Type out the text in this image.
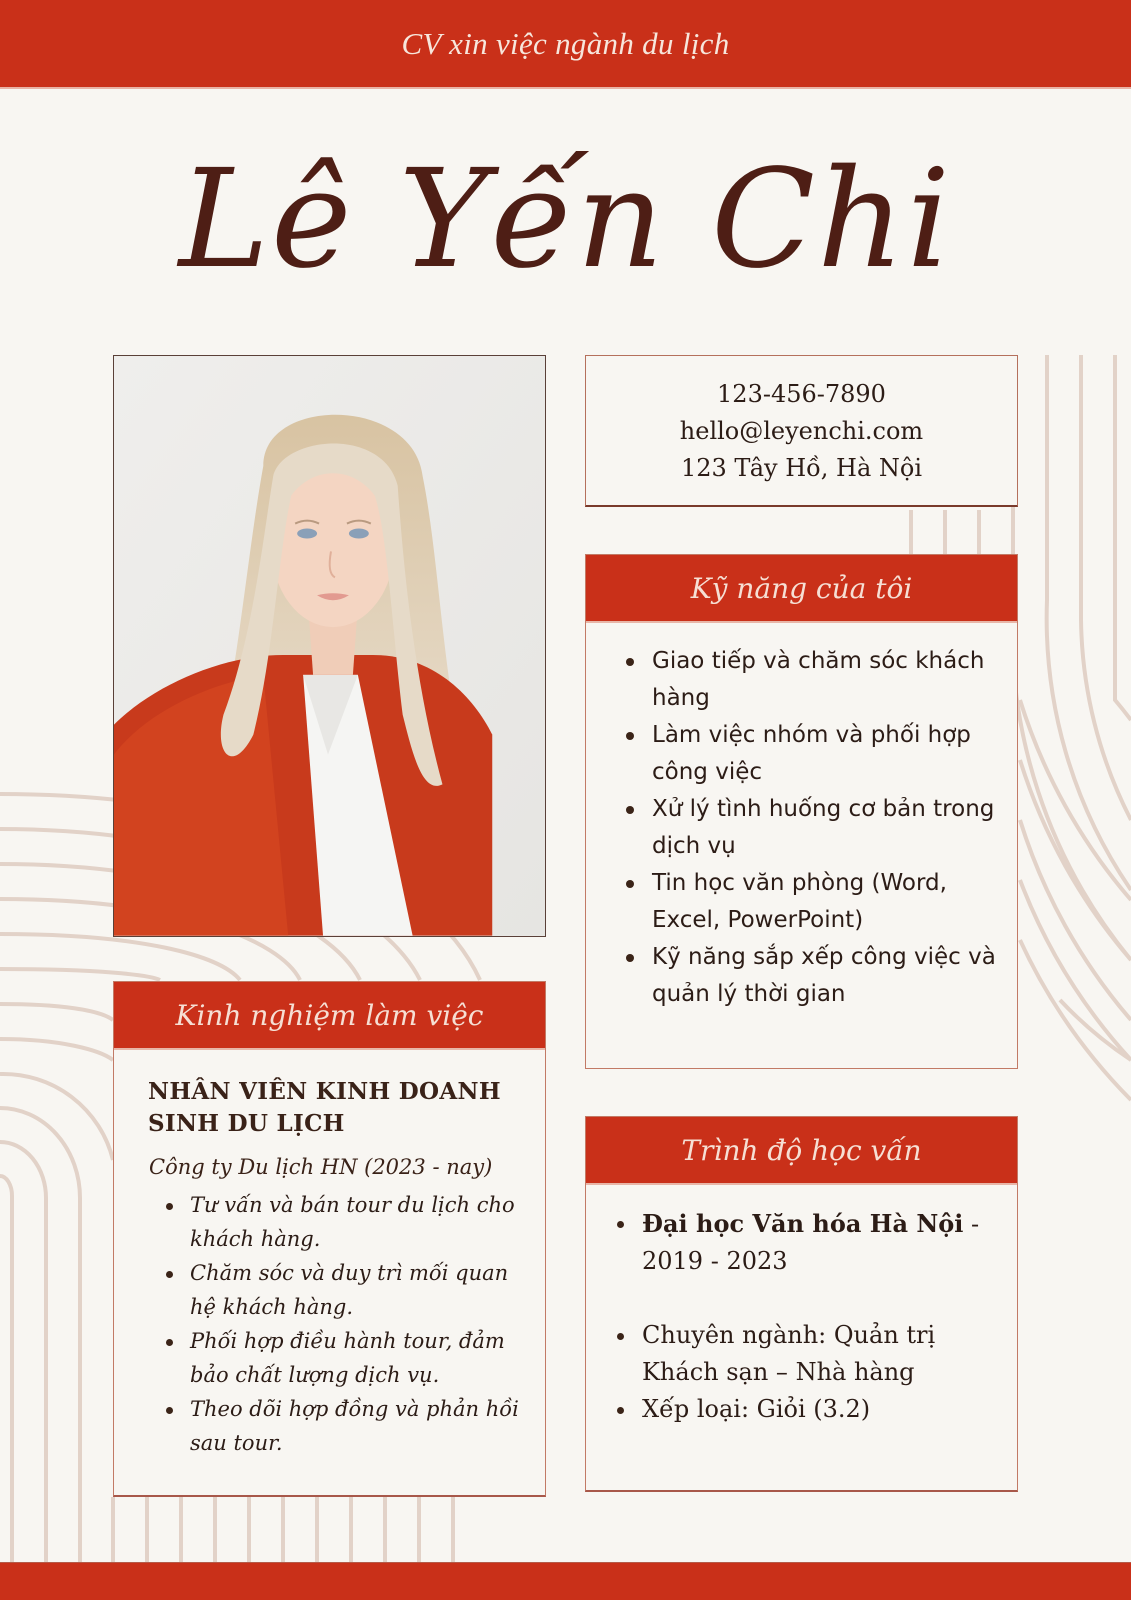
CV xin việc ngành du lịch
Lê Yến Chi
123-456-7890
hello@leyenchi.com
123 Tây Hồ, Hà Nội
Kỹ năng của tôi
Giao tiếp và chăm sóc khách hàng
Làm việc nhóm và phối hợp công việc
Xử lý tình huống cơ bản trong dịch vụ
Tin học văn phòng (Word, Excel, PowerPoint)
Kỹ năng sắp xếp công việc và quản lý thời gian
Kinh nghiệm làm việc
NHÂN VIÊN KINH DOANH SINH DU LỊCH
Công ty Du lịch HN (2023 - nay)
Tư vấn và bán tour du lịch cho khách hàng.
Chăm sóc và duy trì mối quan hệ khách hàng.
Phối hợp điều hành tour, đảm bảo chất lượng dịch vụ.
Theo dõi hợp đồng và phản hồi sau tour.
Trình độ học vấn
Đại học Văn hóa Hà Nội - 2019 - 2023
Chuyên ngành: Quản trị Khách sạn – Nhà hàng
Xếp loại: Giỏi (3.2)
